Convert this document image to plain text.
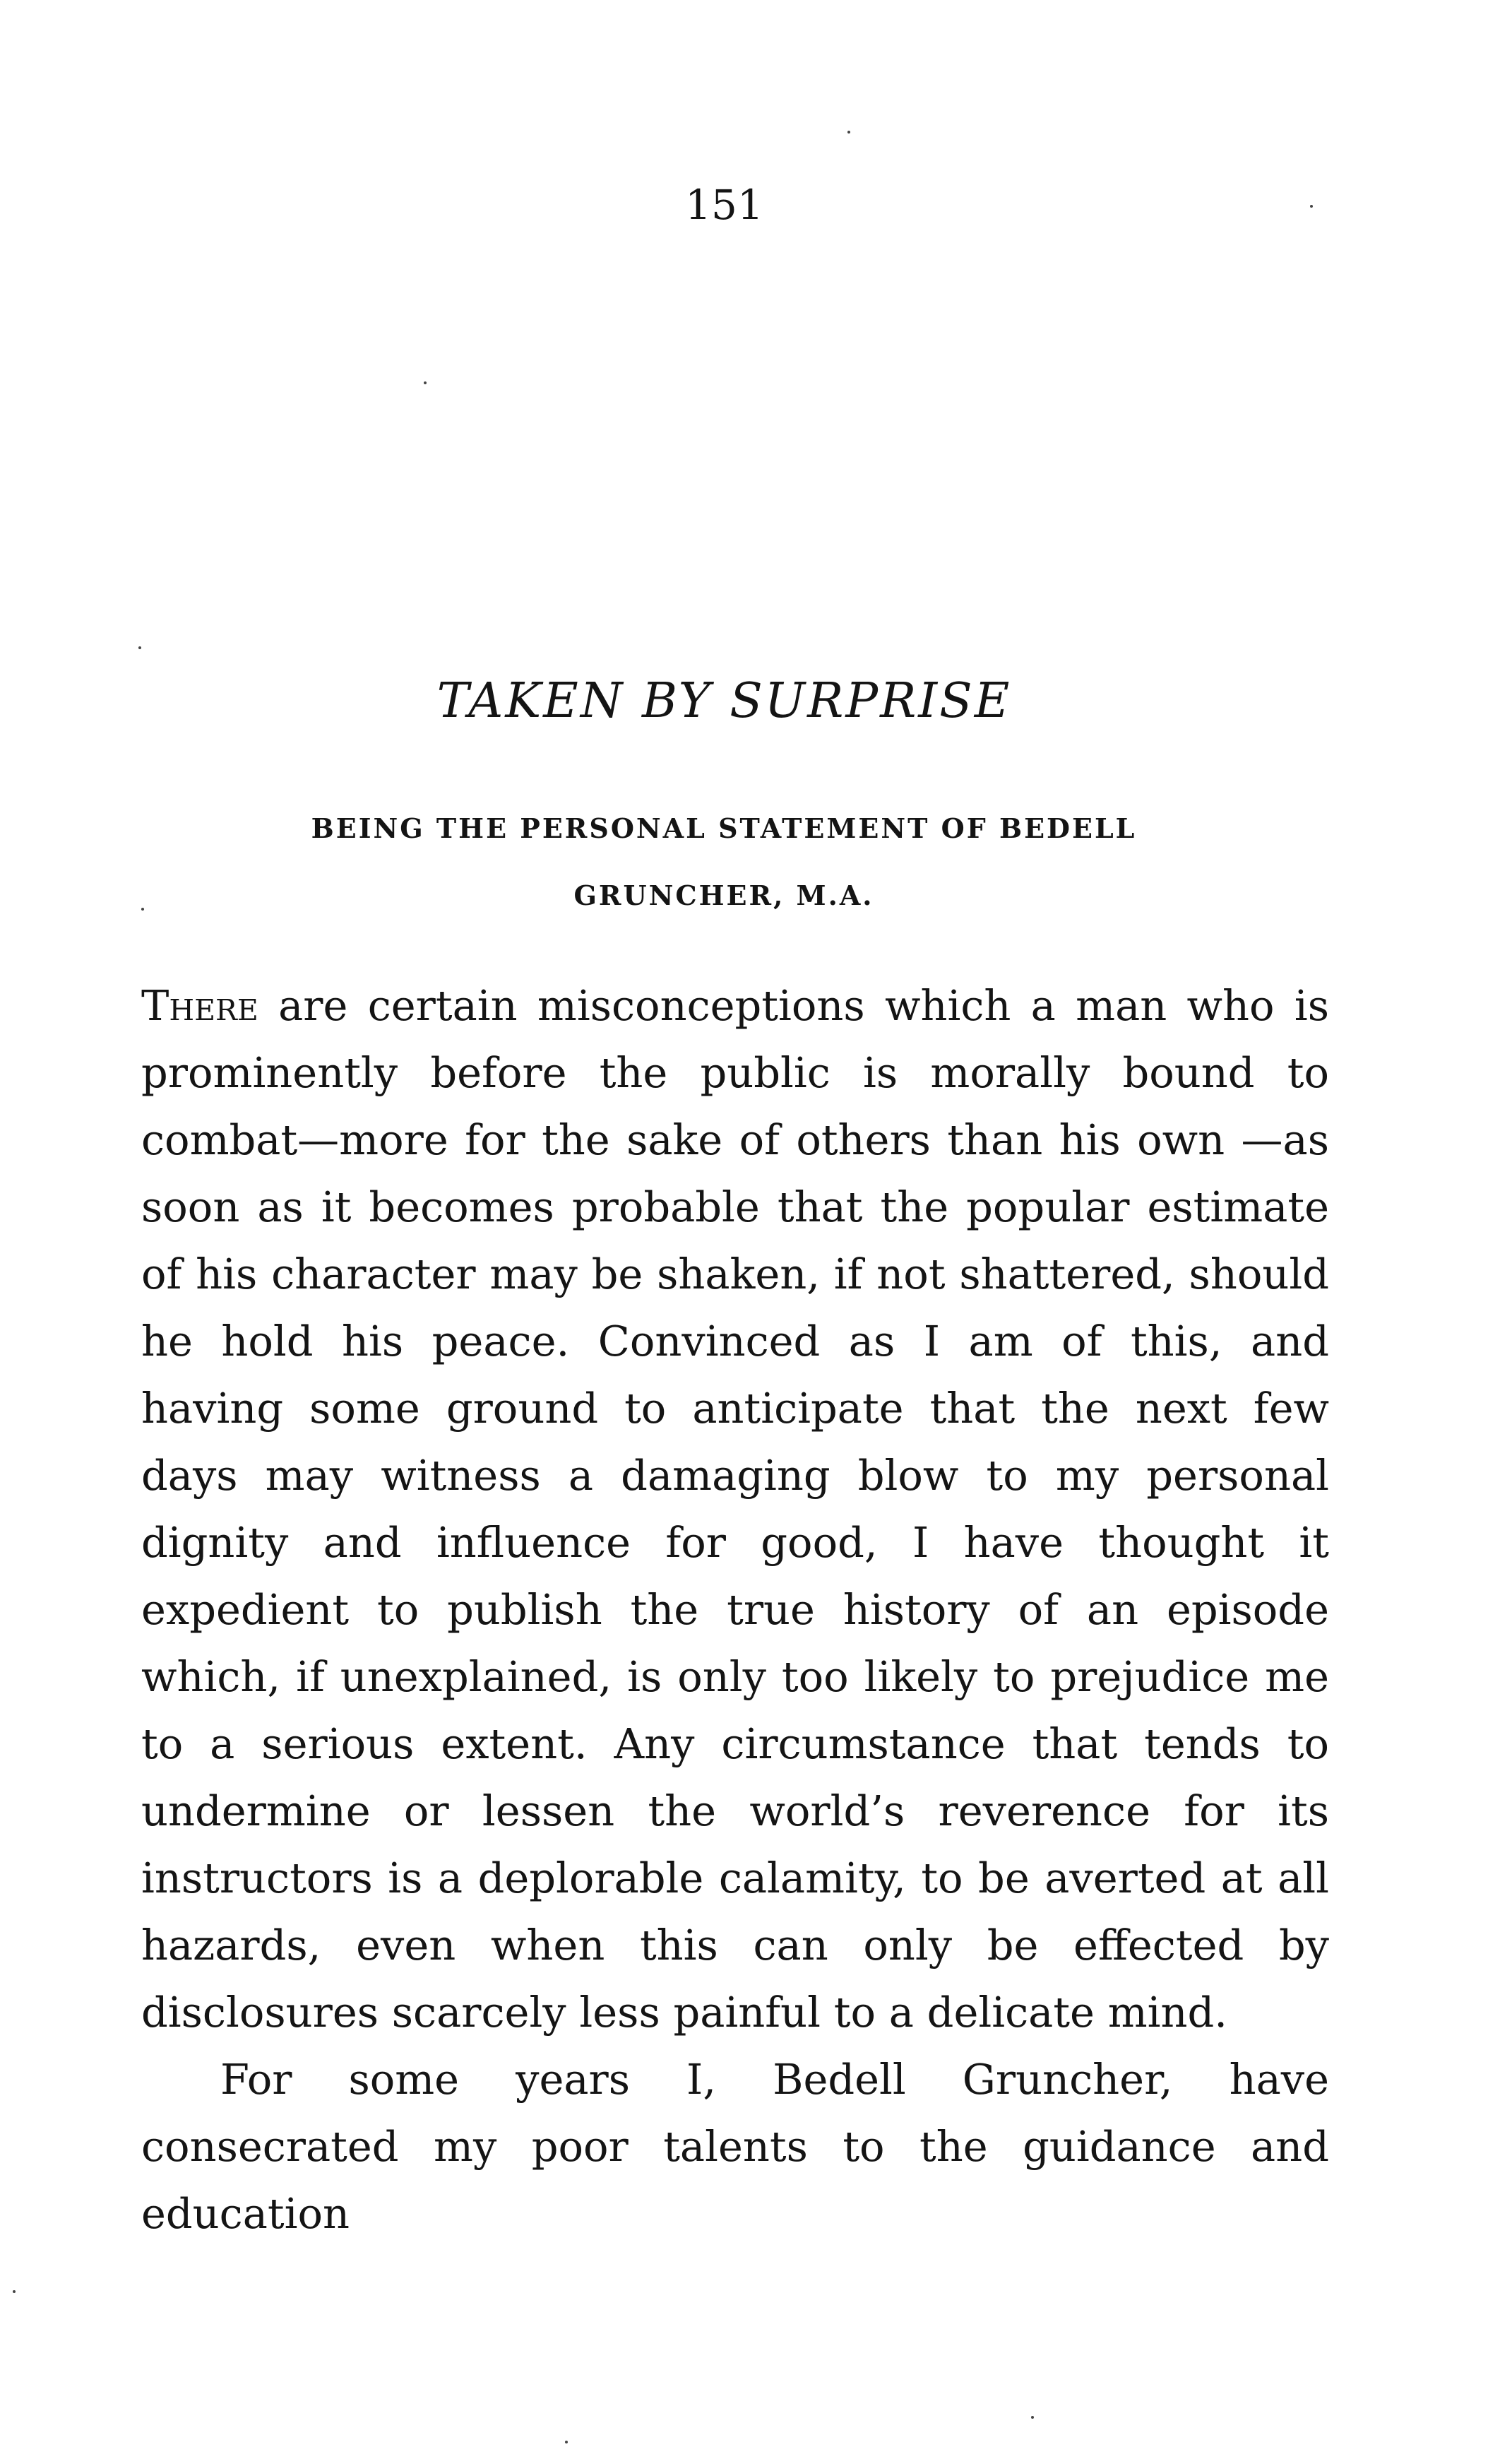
151
TAKEN BY SURPRISE
BEING THE PERSONAL STATEMENT OF BEDELL GRUNCHER, M.A.

There are certain misconceptions which a man who is prominently before the public is morally bound to combat—more for the sake of others than his own —as soon as it becomes probable that the popular estimate of his character may be shaken, if not shattered, should he hold his peace. Convinced as I am of this, and having some ground to anticipate that the next few days may witness a damaging blow to my personal dignity and influence for good, I have thought it expedient to publish the true history of an episode which, if unexplained, is only too likely to prejudice me to a serious extent. Any circumstance that tends to undermine or lessen the world’s reverence for its instructors is a deplorable calamity, to be averted at all hazards, even when this can only be effected by disclosures scarcely less painful to a delicate mind.

For some years I, Bedell Gruncher, have consecrated my poor talents to the guidance and education
